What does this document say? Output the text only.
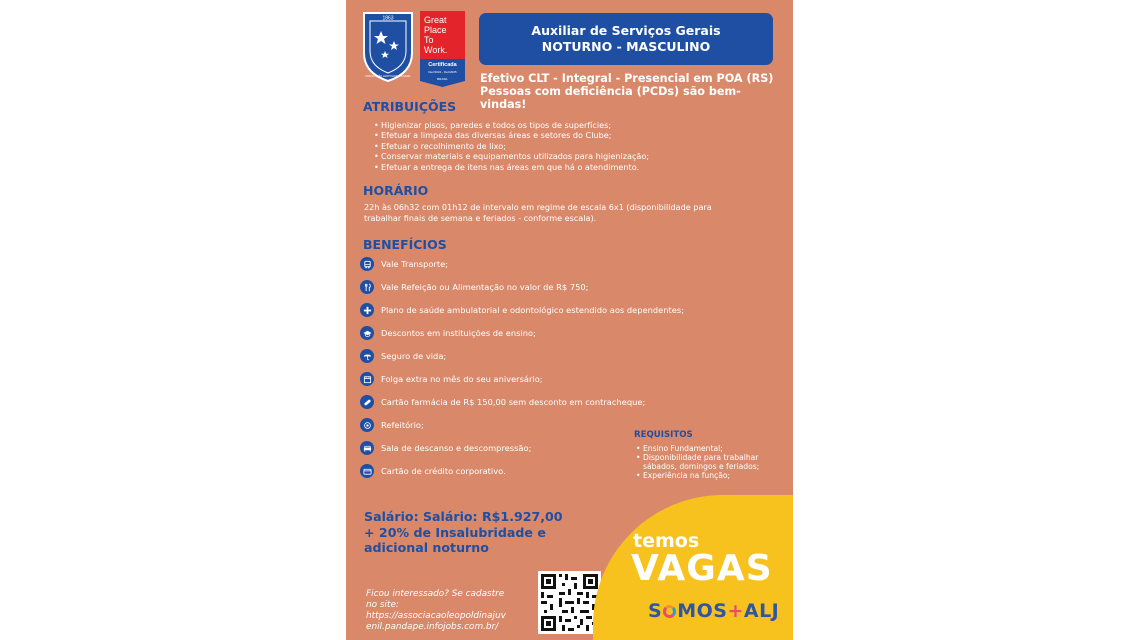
1863
ASSOCIAÇÃO LEOPOLDINA JUVENIL
Great
Place
To
Work.
Certificada
Dez/2024 - Dez/2025
BRASIL
Auxiliar de Serviços Gerais
NOTURNO - MASCULINO
Efetivo CLT - Integral - Presencial em POA (RS)
Pessoas com deficiência (PCDs) são bem-vindas!
ATRIBUIÇÕES
• Higienizar pisos, paredes e todos os tipos de superfícies;
• Efetuar a limpeza das diversas áreas e setores do Clube;
• Efetuar o recolhimento de lixo;
• Conservar materiais e equipamentos utilizados para higienização;
• Efetuar a entrega de itens nas áreas em que há o atendimento.
HORÁRIO
22h às 06h32 com 01h12 de intervalo em regime de escala 6x1 (disponibilidade para trabalhar finais de semana e feriados - conforme escala).
BENEFÍCIOS
Vale Transporte;
Vale Refeição ou Alimentação no valor de R$ 750;
Plano de saúde ambulatorial e odontológico estendido aos dependentes;
Descontos em instituições de ensino;
Seguro de vida;
Folga extra no mês do seu aniversário;
Cartão farmácia de R$ 150,00 sem desconto em contracheque;
Refeitório;
Sala de descanso e descompressão;
Cartão de crédito corporativo.
REQUISITOS
• Ensino Fundamental;
• Disponibilidade para trabalhar sábados, domingos e feriados;
• Experiência na função;
Salário: Salário: R$1.927,00
+ 20% de Insalubridade e
adicional noturno
Ficou interessado? Se cadastre
no site:
https://associacaoleopoldinajuv
enil.pandape.infojobs.com.br/
temos
VAGAS
S MOS+ALJ
